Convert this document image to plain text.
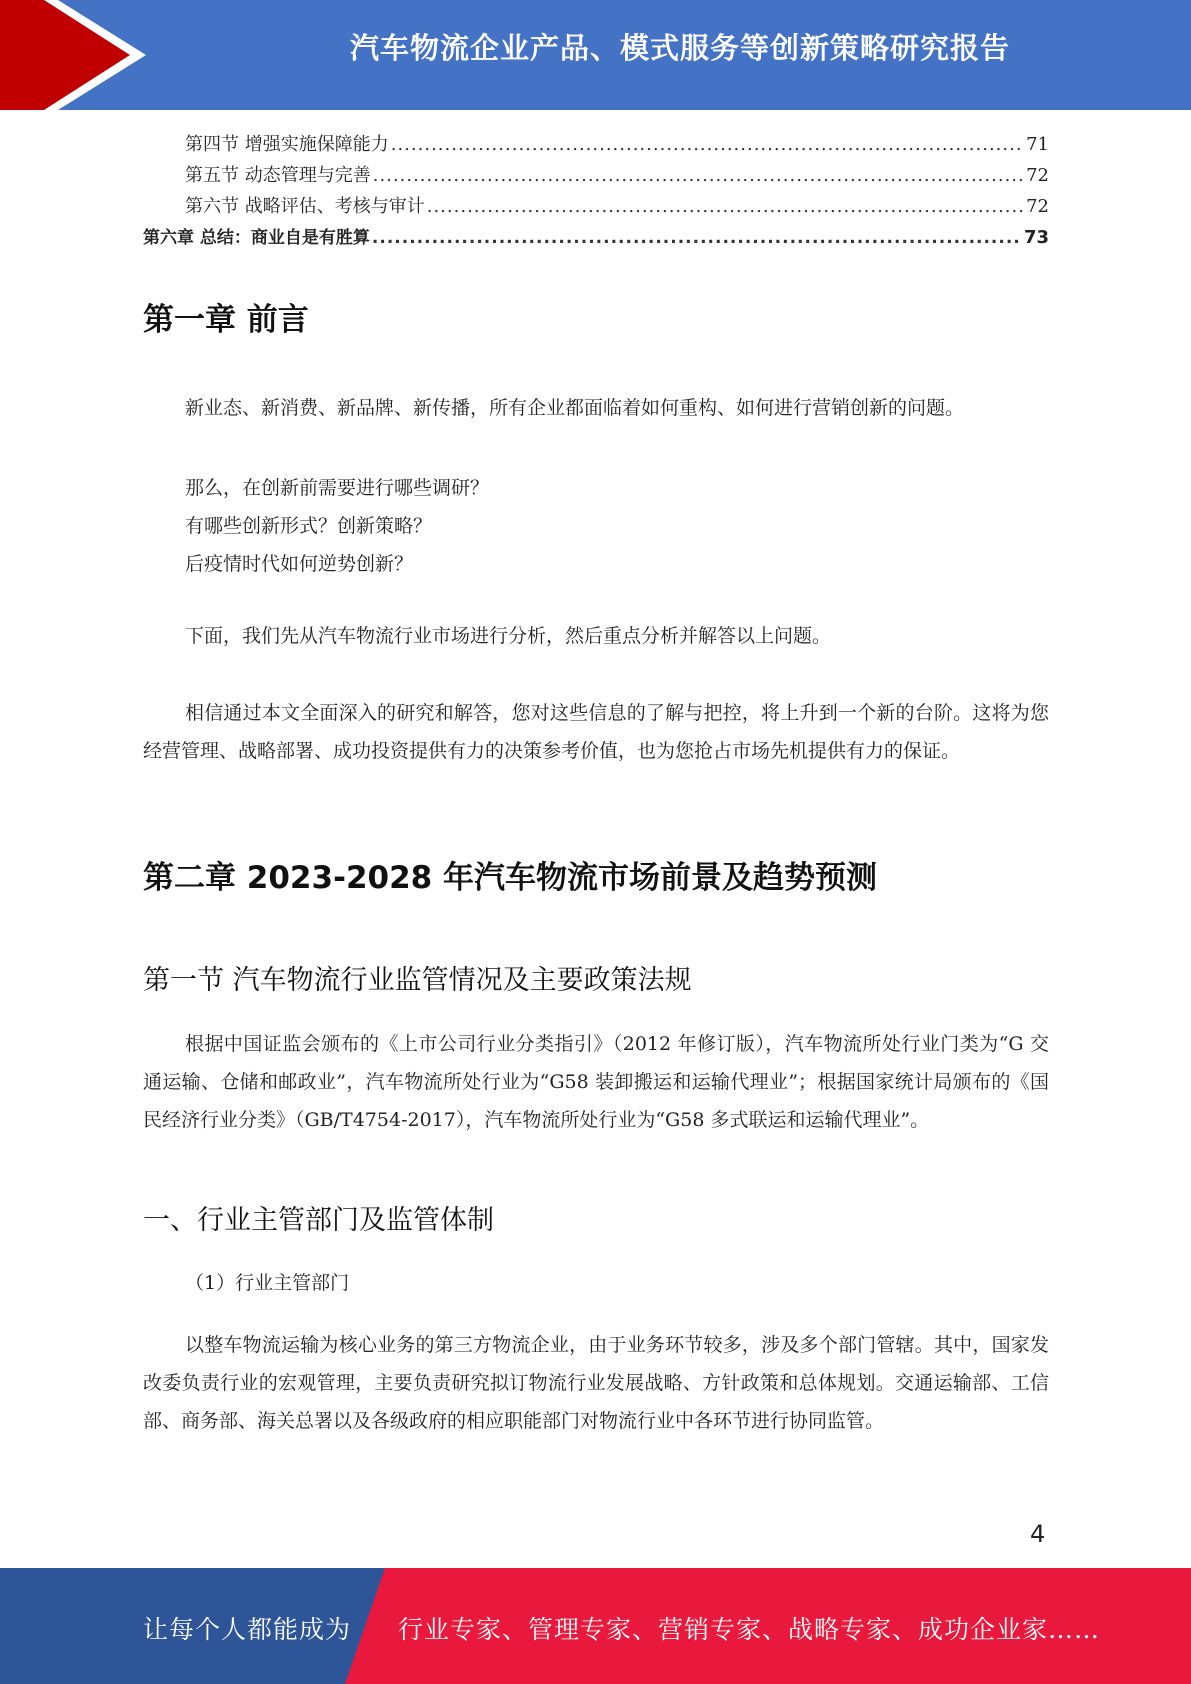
汽车物流企业产品、模式服务等创新策略研究报告
第四节 增强实施保障能力 .....	71
第五节 动态管理与完善 .....	72
第六节 战略评估、考核与审计 .....	72
第六章 总结：商业自是有胜算 .....	73
第一章 前言
新业态、新消费、新品牌、新传播，所有企业都面临着如何重构、如何进行营销创新的问题。
那么，在创新前需要进行哪些调研？
有哪些创新形式？创新策略？
后疫情时代如何逆势创新？
下面，我们先从汽车物流行业市场进行分析，然后重点分析并解答以上问题。
相信通过本文全面深入的研究和解答，您对这些信息的了解与把控，将上升到一个新的台阶。这将为您经营管理、战略部署、成功投资提供有力的决策参考价值，也为您抢占市场先机提供有力的保证。
第二章 2023-2028 年汽车物流市场前景及趋势预测
第一节 汽车物流行业监管情况及主要政策法规
根据中国证监会颁布的《上市公司行业分类指引》（2012 年修订版），汽车物流所处行业门类为“G 交通运输、仓储和邮政业”，汽车物流所处行业为“G58 装卸搬运和运输代理业”；根据国家统计局颁布的《国民经济行业分类》（GB/T4754-2017），汽车物流所处行业为“G58 多式联运和运输代理业”。
一、行业主管部门及监管体制
（1）行业主管部门
以整车物流运输为核心业务的第三方物流企业，由于业务环节较多，涉及多个部门管辖。其中，国家发改委负责行业的宏观管理，主要负责研究拟订物流行业发展战略、方针政策和总体规划。交通运输部、工信部、商务部、海关总署以及各级政府的相应职能部门对物流行业中各环节进行协同监管。
4
让每个人都能成为 行业专家、管理专家、营销专家、战略专家、成功企业家……
